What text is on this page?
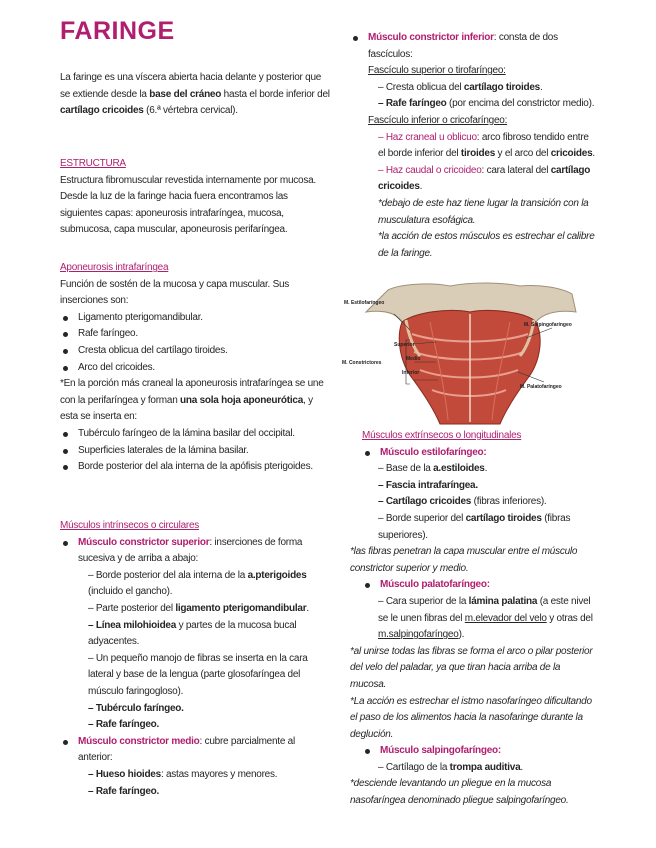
FARINGE

La faringe es una víscera abierta hacia delante y posterior que se extiende desde la base del cráneo hasta el borde inferior del cartílago cricoides (6.ª vértebra cervical).

ESTRUCTURA

Estructura fibromuscular revestida internamente por mucosa. Desde la luz de la faringe hacia fuera encontramos las siguientes capas: aponeurosis intrafaríngea, mucosa, submucosa, capa muscular, aponeurosis perifaríngea.

Aponeurosis intrafaríngea

Función de sostén de la mucosa y capa muscular. Sus inserciones son:

Ligamento pterigomandibular.
Rafe faríngeo.
Cresta oblicua del cartílago tiroides.
Arco del cricoides.

*En la porción más craneal la aponeurosis intrafaríngea se une con la perifaríngea y forman una sola hoja aponeurótica, y esta se inserta en:

Tubérculo faríngeo de la lámina basilar del occipital.
Superficies laterales de la lámina basilar.
Borde posterior del ala interna de la apófisis pterigoides.

Músculos intrínsecos o circulares

Músculo constrictor superior: inserciones de forma sucesiva y de arriba a abajo:

– Borde posterior del ala interna de la a.pterigoides (incluido el gancho).

– Parte posterior del ligamento pterigomandibular.

– Línea milohioidea y partes de la mucosa bucal adyacentes.

– Un pequeño manojo de fibras se inserta en la cara lateral y base de la lengua (parte glosofaríngea del músculo faringogloso).

– Tubérculo faríngeo.

– Rafe faríngeo.

Músculo constrictor medio: cubre parcialmente al anterior:

– Hueso hioides: astas mayores y menores.

– Rafe faríngeo.

Músculo constrictor inferior: consta de dos fascículos:

Fascículo superior o tirofaríngeo:

– Cresta oblicua del cartílago tiroides.

– Rafe faríngeo (por encima del constrictor medio).

Fascículo inferior o cricofaríngeo:

– Haz craneal u oblicuo: arco fibroso tendido entre el borde inferior del tiroides y el arco del cricoides.

– Haz caudal o cricoideo: cara lateral del cartílago cricoides.

*debajo de este haz tiene lugar la transición con la musculatura esofágica.

*la acción de estos músculos es estrechar el calibre de la faringe.

Músculos extrínsecos o longitudinales

Músculo estilofaríngeo:

– Base de la a.estiloides.

– Fascia intrafaríngea.

– Cartílago cricoides (fibras inferiores).

– Borde superior del cartílago tiroides (fibras superiores).

*las fibras penetran la capa muscular entre el músculo constrictor superior y medio.

Músculo palatofaríngeo:

– Cara superior de la lámina palatina (a este nivel se le unen fibras del m.elevador del velo y otras del m.salpingofaríngeo).

*al unirse todas las fibras se forma el arco o pilar posterior del velo del paladar, ya que tiran hacia arriba de la mucosa.

*La acción es estrechar el istmo nasofaríngeo dificultando el paso de los alimentos hacia la nasofaringe durante la deglución.

Músculo salpingofaríngeo:

– Cartílago de la trompa auditiva.

*desciende levantando un pliegue en la mucosa nasofaríngea denominado pliegue salpingofaríngeo.

M. Estilofaríngeo
M. Salpingofaríngeo
Superior
Medio
Inferior
M. Constrictores
M. Palatofaríngeo
